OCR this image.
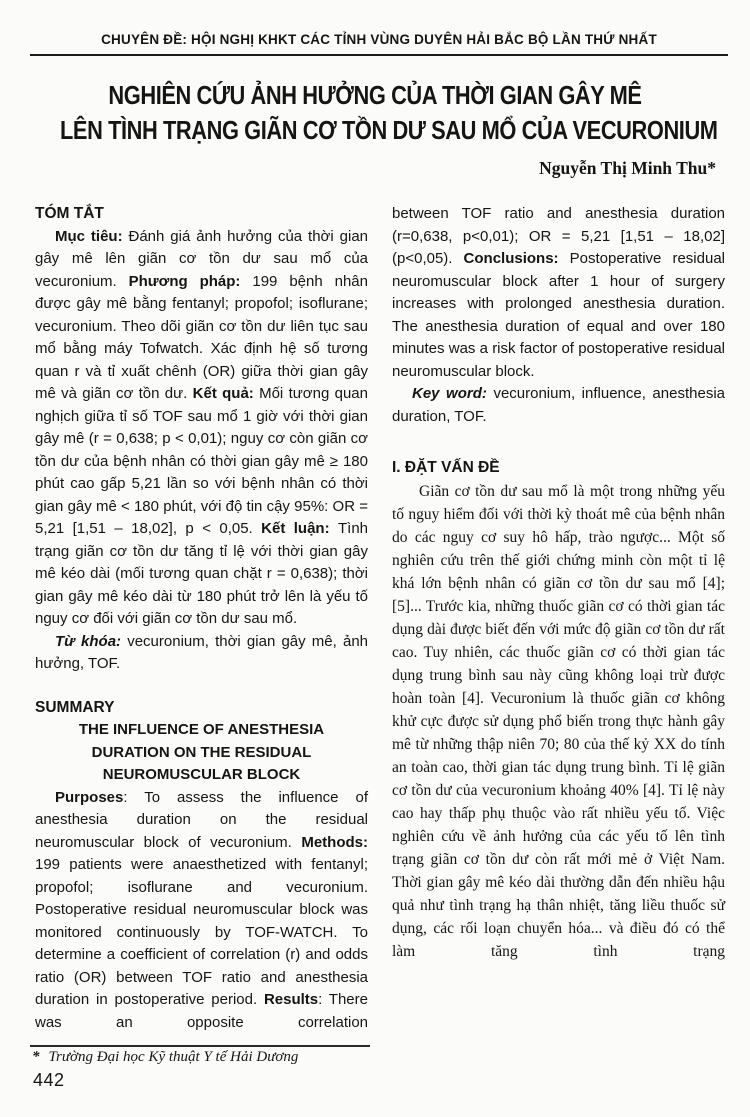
CHUYÊN ĐỀ: HỘI NGHỊ KHKT CÁC TỈNH VÙNG DUYÊN HẢI BẮC BỘ LẦN THỨ NHẤT
NGHIÊN CỨU ẢNH HƯỞNG CỦA THỜI GIAN GÂY MÊ
LÊN TÌNH TRẠNG GIÃN CƠ TỒN DƯ SAU MỔ CỦA VECURONIUM
Nguyễn Thị Minh Thu*
TÓM TẮT

Mục tiêu: Đánh giá ảnh hưởng của thời gian gây mê lên giãn cơ tồn dư sau mổ của vecuronium. Phương pháp: 199 bệnh nhân được gây mê bằng fentanyl; propofol; isoflurane; vecuronium. Theo dõi giãn cơ tồn dư liên tục sau mổ bằng máy Tofwatch. Xác định hệ số tương quan r và tỉ xuất chênh (OR) giữa thời gian gây mê và giãn cơ tồn dư. Kết quả: Mối tương quan nghịch giữa tỉ số TOF sau mổ 1 giờ với thời gian gây mê (r = 0,638; p < 0,01); nguy cơ còn giãn cơ tồn dư của bệnh nhân có thời gian gây mê ≥ 180 phút cao gấp 5,21 lần so với bệnh nhân có thời gian gây mê < 180 phút, với độ tin cậy 95%: OR = 5,21 [1,51 – 18,02], p < 0,05. Kết luận: Tình trạng giãn cơ tồn dư tăng tỉ lệ với thời gian gây mê kéo dài (mối tương quan chặt r = 0,638); thời gian gây mê kéo dài từ 180 phút trở lên là yếu tố nguy cơ đối với giãn cơ tồn dư sau mổ.

Từ khóa: vecuronium, thời gian gây mê, ảnh hưởng, TOF.

SUMMARY
THE INFLUENCE OF ANESTHESIA
DURATION ON THE RESIDUAL
NEUROMUSCULAR BLOCK

Purposes: To assess the influence of anesthesia duration on the residual neuromuscular block of vecuronium. Methods: 199 patients were anaesthetized with fentanyl; propofol; isoflurane and vecuronium. Postoperative residual neuromuscular block was monitored continuously by TOF-WATCH. To determine a coefficient of correlation (r) and odds ratio (OR) between TOF ratio and anesthesia duration in postoperative period. Results: There was an opposite correlation

between TOF ratio and anesthesia duration (r=0,638, p<0,01); OR = 5,21 [1,51 – 18,02] (p<0,05). Conclusions: Postoperative residual neuromuscular block after 1 hour of surgery increases with prolonged anesthesia duration. The anesthesia duration of equal and over 180 minutes was a risk factor of postoperative residual neuromuscular block.

Key word: vecuronium, influence, anesthesia duration, TOF.

I. ĐẶT VẤN ĐỀ

Giãn cơ tồn dư sau mổ là một trong những yếu tố nguy hiểm đối với thời kỳ thoát mê của bệnh nhân do các nguy cơ suy hô hấp, trào ngược... Một số nghiên cứu trên thế giới chứng minh còn một tỉ lệ khá lớn bệnh nhân có giãn cơ tồn dư sau mổ [4]; [5]... Trước kia, những thuốc giãn cơ có thời gian tác dụng dài được biết đến với mức độ giãn cơ tồn dư rất cao. Tuy nhiên, các thuốc giãn cơ có thời gian tác dụng trung bình sau này cũng không loại trừ được hoàn toàn [4]. Vecuronium là thuốc giãn cơ không khử cực được sử dụng phổ biến trong thực hành gây mê từ những thập niên 70; 80 của thế kỷ XX do tính an toàn cao, thời gian tác dụng trung bình. Tỉ lệ giãn cơ tồn dư của vecuronium khoảng 40% [4]. Tỉ lệ này cao hay thấp phụ thuộc vào rất nhiều yếu tố. Việc nghiên cứu về ảnh hưởng của các yếu tố lên tình trạng giãn cơ tồn dư còn rất mới mẻ ở Việt Nam. Thời gian gây mê kéo dài thường dẫn đến nhiều hậu quả như tình trạng hạ thân nhiệt, tăng liều thuốc sử dụng, các rối loạn chuyển hóa... và điều đó có thể làm tăng tình trạng

* Trường Đại học Kỹ thuật Y tế Hải Dương
442
